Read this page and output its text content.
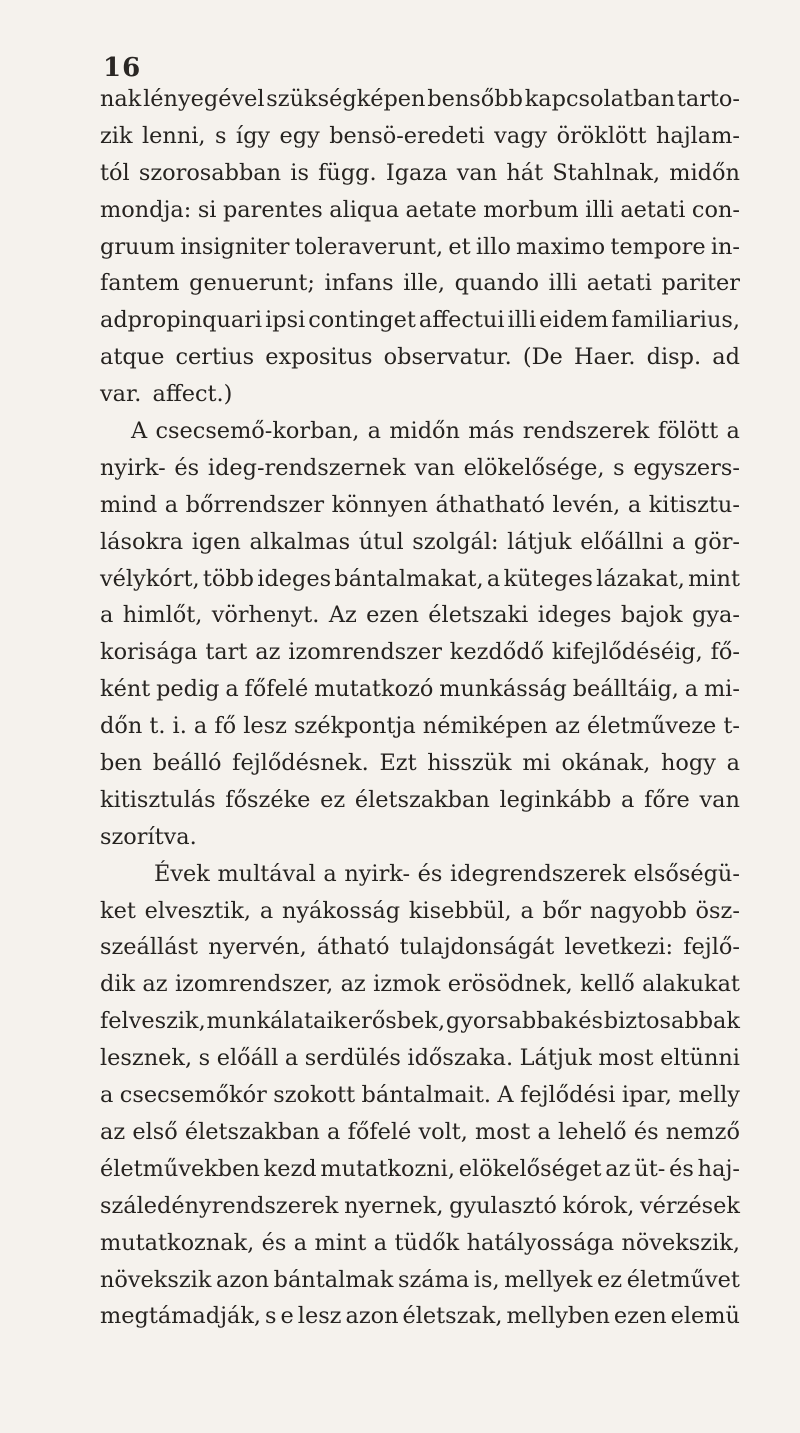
16
nak lényegével szükségképen bensőbb kapcsolatban tarto-
zik lenni, s így egy bensö-eredeti vagy öröklött hajlam-
tól szorosabban is függ. Igaza van hát Stahlnak, midőn
mondja: si parentes aliqua aetate morbum illi aetati con-
gruum insigniter toleraverunt, et illo maximo tempore in-
fantem genuerunt; infans ille, quando illi aetati pariter
adpropinquari ipsi continget affectui illi eidem familiarius,
atque certius expositus observatur. (De Haer. disp. ad
var. affect.)
A csecsemő-korban, a midőn más rendszerek fölött a
nyirk- és ideg-rendszernek van elökelősége, s egyszers-
mind a bőrrendszer könnyen áthatható levén, a kitisztu-
lásokra igen alkalmas útul szolgál: látjuk előállni a gör-
vélykórt, több ideges bántalmakat, a küteges lázakat, mint
a himlőt, vörhenyt. Az ezen életszaki ideges bajok gya-
korisága tart az izomrendszer kezdődő kifejlődéséig, fő-
ként pedig a főfelé mutatkozó munkásság beálltáig, a mi-
dőn t. i. a fő lesz székpontja némiképen az életműveze t-
ben beálló fejlődésnek. Ezt hisszük mi okának, hogy a
kitisztulás főszéke ez életszakban leginkább a főre van
szorítva.
Évek multával a nyirk- és idegrendszerek elsőségü-
ket elvesztik, a nyákosság kisebbül, a bőr nagyobb ösz-
szeállást nyervén, átható tulajdonságát levetkezi: fejlő-
dik az izomrendszer, az izmok erösödnek, kellő alakukat
felveszik, munkálataik erősbek, gyorsabbak és biztosabbak
lesznek, s előáll a serdülés időszaka. Látjuk most eltünni
a csecsemőkór szokott bántalmait. A fejlődési ipar, melly
az első életszakban a főfelé volt, most a lehelő és nemző
életművekben kezd mutatkozni, elökelőséget az üt- és haj-
száledényrendszerek nyernek, gyulasztó kórok, vérzések
mutatkoznak, és a mint a tüdők hatályossága növekszik,
növekszik azon bántalmak száma is, mellyek ez életművet
megtámadják, s e lesz azon életszak, mellyben ezen elemü
